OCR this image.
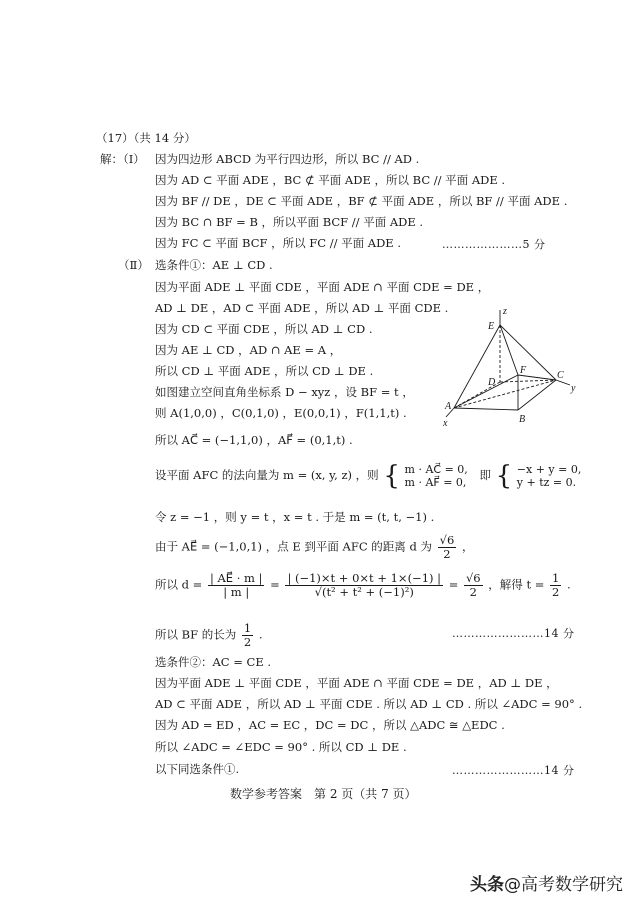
（17）（共 14 分）
解：（Ⅰ） 因为四边形 ABCD 为平行四边形，所以 BC // AD .
因为 AD ⊂ 平面 ADE ，BC ⊄ 平面 ADE ，所以 BC // 平面 ADE .
因为 BF // DE ，DE ⊂ 平面 ADE ，BF ⊄ 平面 ADE ，所以 BF // 平面 ADE .
因为 BC ∩ BF = B ，所以平面 BCF // 平面 ADE .
因为 FC ⊂ 平面 BCF ，所以 FC // 平面 ADE .	…………………5 分
（Ⅱ） 选条件①：AE ⊥ CD .
因为平面 ADE ⊥ 平面 CDE ，平面 ADE ∩ 平面 CDE = DE ，
AD ⊥ DE ，AD ⊂ 平面 ADE ，所以 AD ⊥ 平面 CDE .
因为 CD ⊂ 平面 CDE ，所以 AD ⊥ CD .
因为 AE ⊥ CD ，AD ∩ AE = A ，
所以 CD ⊥ 平面 ADE ，所以 CD ⊥ DE .
如图建立空间直角坐标系 D − xyz ，设 BF = t ，
则 A(1,0,0) ，C(0,1,0) ，E(0,0,1) ，F(1,1,t) .
所以 AC⃗ = (−1,1,0) ，AF⃗ = (0,1,t) .
z
E
D
F	C
y
A
x	B
设平面 AFC 的法向量为 m = (x, y, z) ，则 { m · AC⃗ = 0,
m · AF⃗ = 0,
即 { −x + y = 0,
y + tz = 0.
令 z = −1 ，则 y = t ，x = t . 于是 m = (t, t, −1) .
由于 AE⃗ = (−1,0,1) ，点 E 到平面 AFC 的距离 d 为 $\frac{√6}{2}$ ，
所以 $d = \frac{| AE⃗ \cdot m |}{| m |} = \frac{| (-1)\times t + 0\times t + 1\times(-1) |}{\text{√(t² + t² + (−1)²)}} = \frac{√6}{2}$ ，解得 $t = \frac{1}{2}$ .
所以 BF 的长为 $\frac{1}{2}$ .	……………………14 分
选条件②：AC = CE .
因为平面 ADE ⊥ 平面 CDE ，平面 ADE ∩ 平面 CDE = DE ，AD ⊥ DE ，
AD ⊂ 平面 ADE ，所以 AD ⊥ 平面 CDE . 所以 AD ⊥ CD . 所以 ∠ADC = 90° .
因为 AD = ED ，AC = EC ，DC = DC ，所以 △ADC ≅ △EDC .
所以 ∠ADC = ∠EDC = 90° . 所以 CD ⊥ DE .
以下同选条件①.	……………………14 分
数学参考答案　第 2 页（共 7 页）
头条@高考数学研究
